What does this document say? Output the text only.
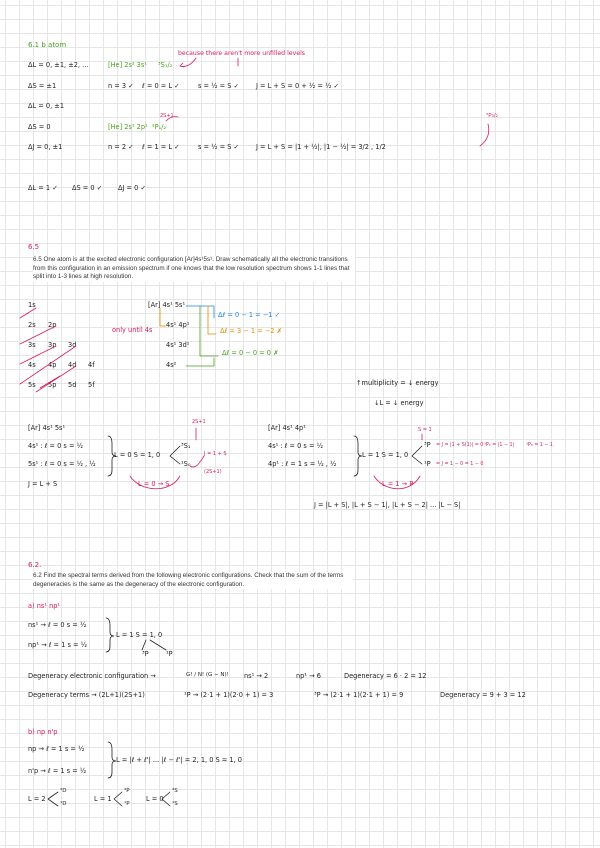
6.1 b atom
ΔL = 0, ±1, ±2, ...	[He] 2s² 3s¹ ³S₁/₂
because there aren't more unfilled levels
ΔS = ±1	n = 3 ✓ ℓ = 0 = L ✓	s = ½ = S ✓	J = L + S = 0 + ½ = ½ ✓
ΔL = 0, ±1
ΔS = 0	[He] 2s¹ 2p¹ ²P₁/₂
2S+1	²P₃/₂
ΔJ = 0, ±1	n = 2 ✓ ℓ = 1 = L ✓	s = ½ = S ✓	J = L + S = |1 + ½|, |1 − ½| = 3/2 , 1/2
ΔL = 1 ✓ ΔS = 0 ✓ ΔJ = 0 ✓
6.5
6.5 One atom is at the excited electronic configuration [Ar]4s¹5s¹. Draw schematically all the electronic transitions from this configuration in an emission spectrum if one knows that the low resolution spectrum shows 1-1 lines that split into 1-3 lines at high resolution.
1s
2s 2p
3s 3p 3d
4s 4p 4d 4f
5s 5p 5d 5f
only until 4s
[Ar] 4s¹ 5s¹
4s¹ 4p¹
4s¹ 3d¹
4s²
Δℓ = 0 − 1 = −1 ✓
Δℓ = 3 − 1 = −2 ✗
Δℓ = 0 − 0 = 0 ✗
↑multiplicity = ↓ energy
↓L = ↓ energy
[Ar] 4s¹ 5s¹
4s¹ : ℓ = 0 s = ½
5s¹ : ℓ = 0 s = ½ , ½
J = L + S
L = 0 S = 1, 0
³S₁
¹S₀
2S+1
J = 1 + S
(2S+1)
L = 0 → S
[Ar] 4s¹ 4p¹
4s¹ : ℓ = 0 s = ½
4p¹ : ℓ = 1 s = ½ , ½
L = 1 S = 1, 0
S = 1
³P = J = |1 + S(1)| = 0 ³P₁ = |1 − 1| ³P₀ = 1 − 1
¹P = J = 1 − 0 = 1 − 0
L = 1 → P
J = |L + S|, |L + S − 1|, |L + S − 2| ... |L − S|
6.2.
6.2 Find the spectral terms derived from the following electronic configurations. Check that the sum of the terms degeneracies is the same as the degeneracy of the electronic configuration.
a) ns¹ np¹
ns¹ → ℓ = 0 s = ½
np¹ → ℓ = 1 s = ½
L = 1 S = 1, 0
³P	¹P
Degeneracy electronic configuration →	G! / N! (G − N)! ns¹ → 2	np¹ → 6	Degeneracy = 6 · 2 = 12
Degeneracy terms → (2L+1)(2S+1)	¹P → (2·1 + 1)(2·0 + 1) = 3	³P → (2·1 + 1)(2·1 + 1) = 9	Degeneracy = 9 + 3 = 12
b) np n'p
np → ℓ = 1 s = ½
n'p → ℓ = 1 s = ½
L = |ℓ + ℓ'| ... |ℓ − ℓ'| = 2, 1, 0 S = 1, 0
L = 2
³D
¹D
L = 1
³P
¹P
L = 0
³S
¹S
